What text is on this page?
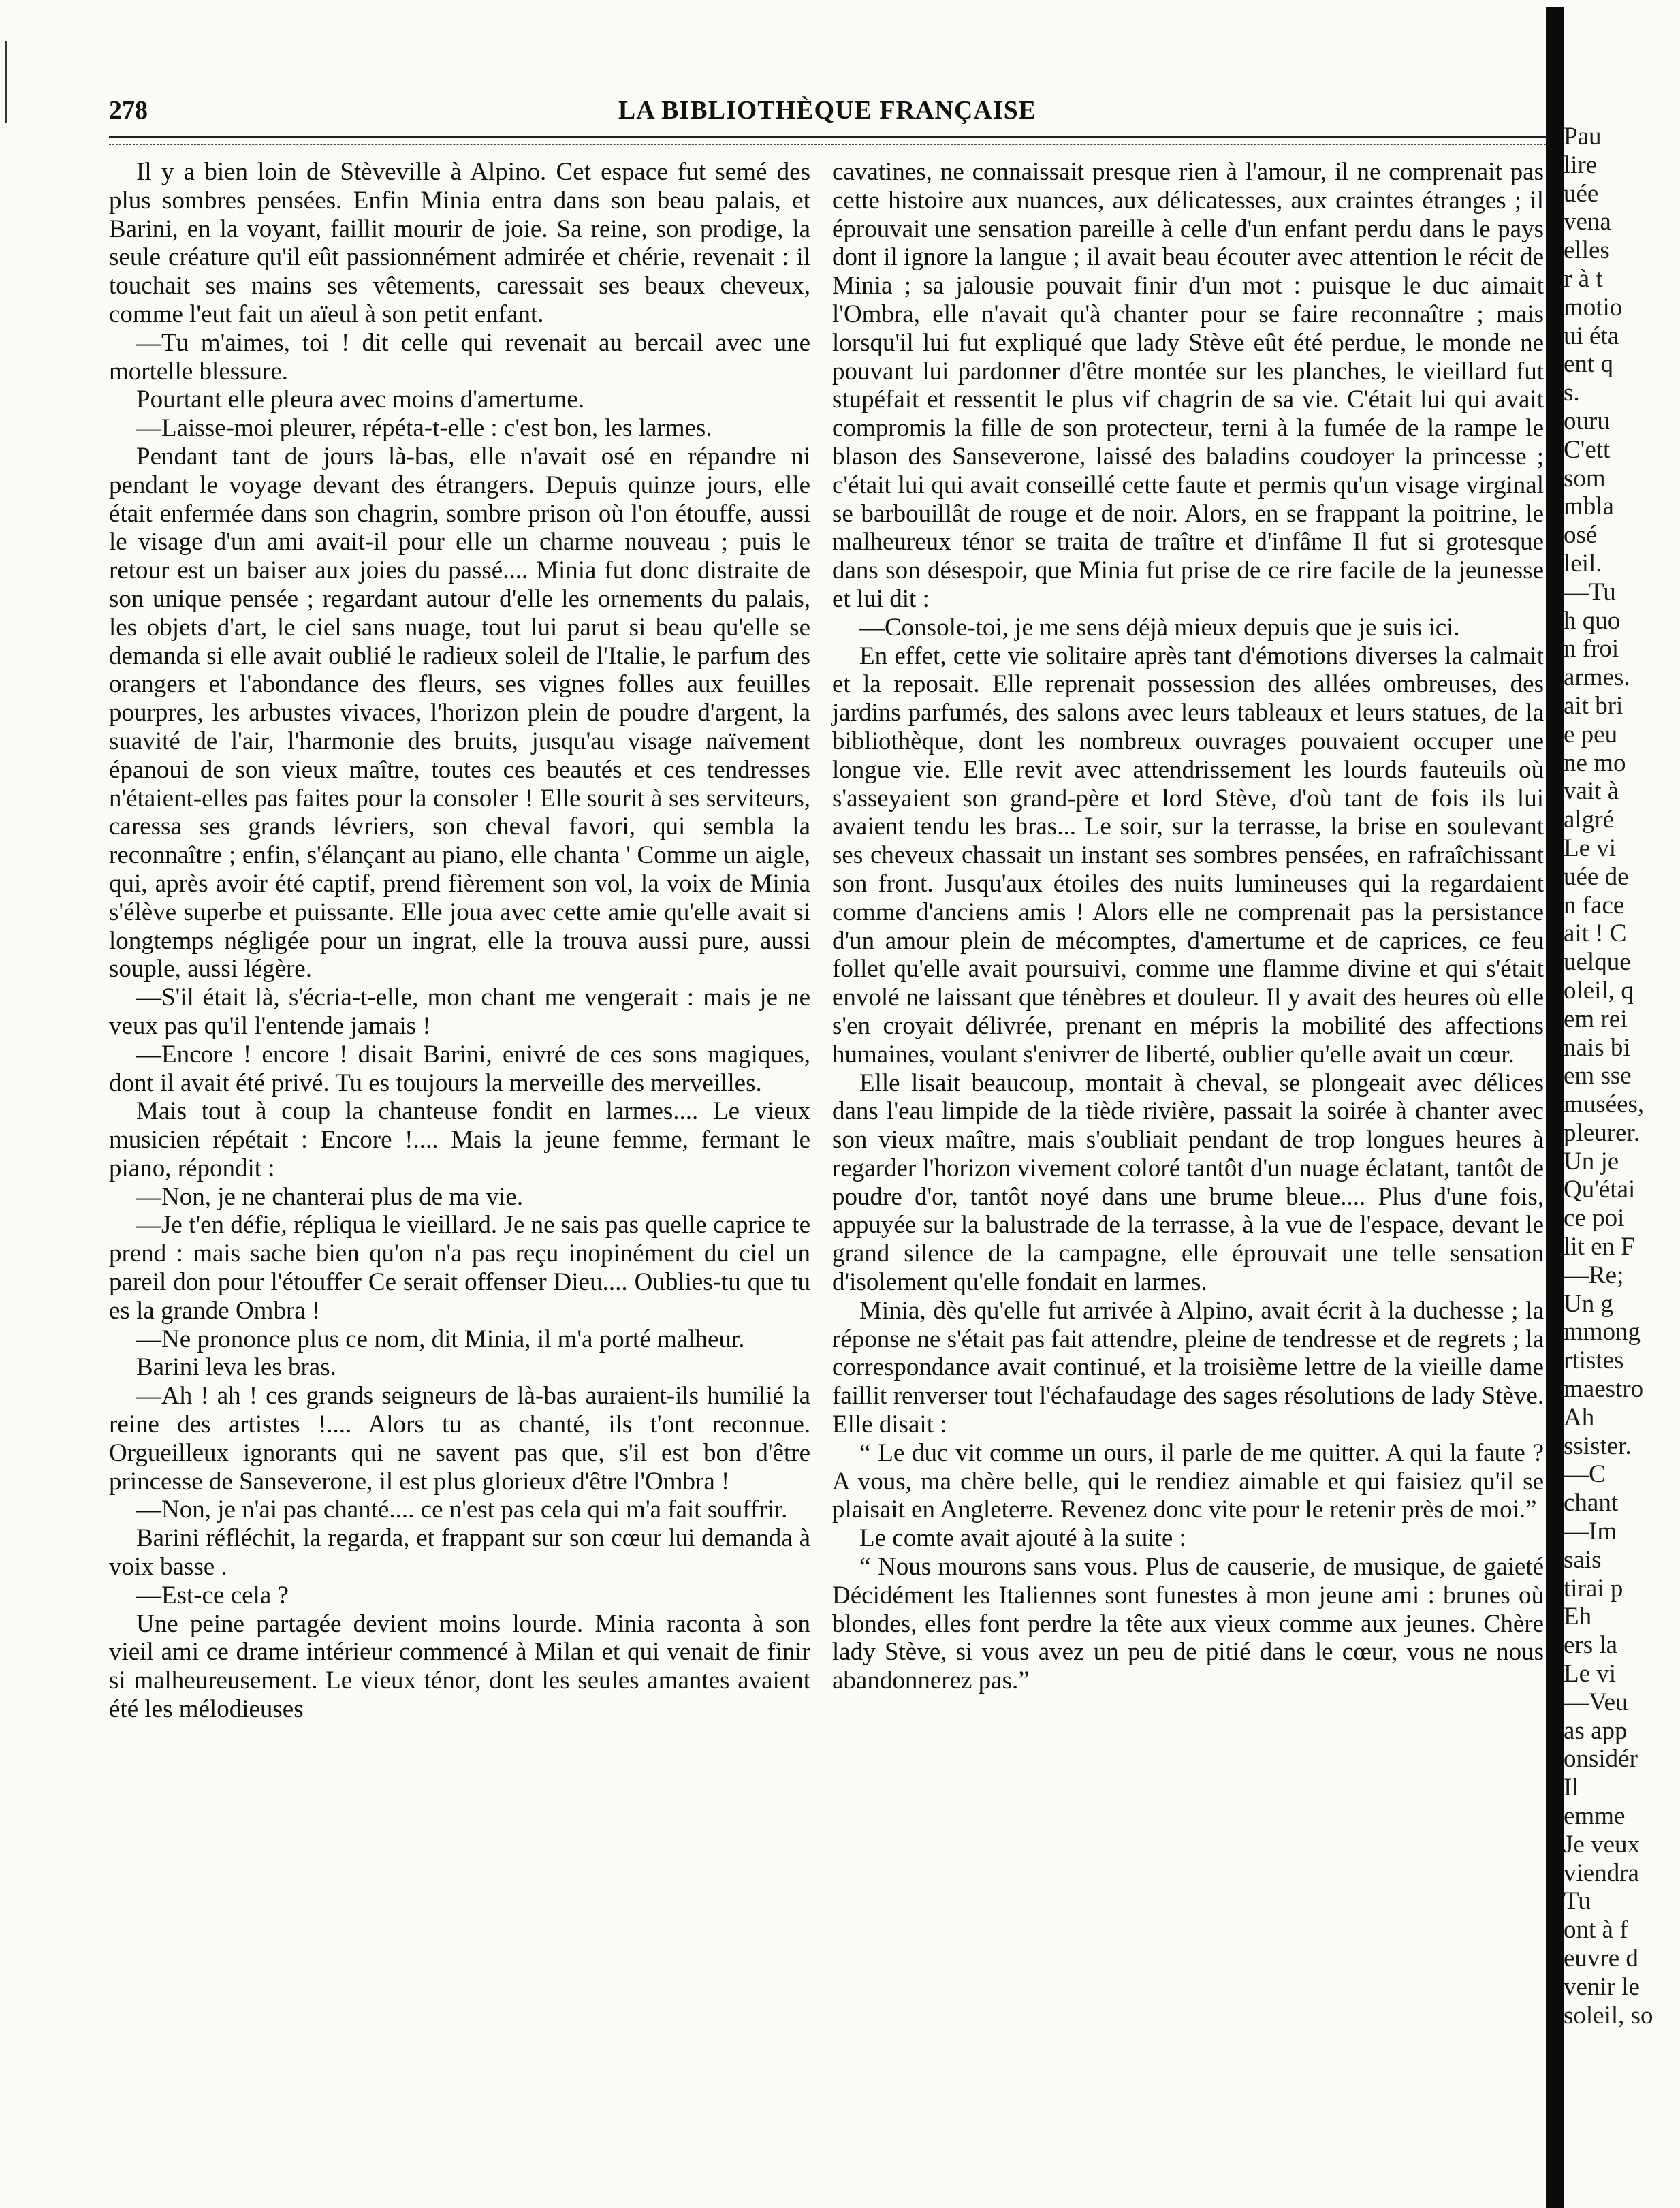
278	LA BIBLIOTHÈQUE FRANÇAISE

Il y a bien loin de Stèveville à Alpino. Cet espace fut semé des plus sombres pensées. Enfin Minia entra dans son beau palais, et Barini, en la voyant, faillit mourir de joie. Sa reine, son prodige, la seule créature qu'il eût passionnément admirée et chérie, revenait : il touchait ses mains ses vêtements, caressait ses beaux cheveux, comme l'eut fait un aïeul à son petit enfant.

—Tu m'aimes, toi ! dit celle qui revenait au bercail avec une mortelle blessure.

Pourtant elle pleura avec moins d'amertume.

—Laisse-moi pleurer, répéta-t-elle : c'est bon, les larmes.

Pendant tant de jours là-bas, elle n'avait osé en répandre ni pendant le voyage devant des étrangers. Depuis quinze jours, elle était enfermée dans son chagrin, sombre prison où l'on étouffe, aussi le visage d'un ami avait-il pour elle un charme nouveau ; puis le retour est un baiser aux joies du passé.... Minia fut donc distraite de son unique pensée ; regardant autour d'elle les ornements du palais, les objets d'art, le ciel sans nuage, tout lui parut si beau qu'elle se demanda si elle avait oublié le radieux soleil de l'Italie, le parfum des orangers et l'abondance des fleurs, ses vignes folles aux feuilles pourpres, les arbustes vivaces, l'horizon plein de poudre d'argent, la suavité de l'air, l'harmonie des bruits, jusqu'au visage naïvement épanoui de son vieux maître, toutes ces beautés et ces tendresses n'étaient-elles pas faites pour la consoler ! Elle sourit à ses serviteurs, caressa ses grands lévriers, son cheval favori, qui sembla la reconnaître ; enfin, s'élançant au piano, elle chanta ' Comme un aigle, qui, après avoir été captif, prend fièrement son vol, la voix de Minia s'élève superbe et puissante. Elle joua avec cette amie qu'elle avait si longtemps négligée pour un ingrat, elle la trouva aussi pure, aussi souple, aussi légère.

—S'il était là, s'écria-t-elle, mon chant me vengerait : mais je ne veux pas qu'il l'entende jamais !

—Encore ! encore ! disait Barini, enivré de ces sons magiques, dont il avait été privé. Tu es toujours la merveille des merveilles.

Mais tout à coup la chanteuse fondit en larmes.... Le vieux musicien répétait : Encore !.... Mais la jeune femme, fermant le piano, répondit :

—Non, je ne chanterai plus de ma vie.

—Je t'en défie, répliqua le vieillard. Je ne sais pas quelle caprice te prend : mais sache bien qu'on n'a pas reçu inopinément du ciel un pareil don pour l'étouffer Ce serait offenser Dieu.... Oublies-tu que tu es la grande Ombra !

—Ne prononce plus ce nom, dit Minia, il m'a porté malheur.

Barini leva les bras.

—Ah ! ah ! ces grands seigneurs de là-bas auraient-ils humilié la reine des artistes !.... Alors tu as chanté, ils t'ont reconnue. Orgueilleux ignorants qui ne savent pas que, s'il est bon d'être princesse de Sanseverone, il est plus glorieux d'être l'Ombra !

—Non, je n'ai pas chanté.... ce n'est pas cela qui m'a fait souffrir.

Barini réfléchit, la regarda, et frappant sur son cœur lui demanda à voix basse .

—Est-ce cela ?

Une peine partagée devient moins lourde. Minia raconta à son vieil ami ce drame intérieur commencé à Milan et qui venait de finir si malheureusement. Le vieux ténor, dont les seules amantes avaient été les mélodieuses

cavatines, ne connaissait presque rien à l'amour, il ne comprenait pas cette histoire aux nuances, aux délicatesses, aux craintes étranges ; il éprouvait une sensation pareille à celle d'un enfant perdu dans le pays dont il ignore la langue ; il avait beau écouter avec attention le récit de Minia ; sa jalousie pouvait finir d'un mot : puisque le duc aimait l'Ombra, elle n'avait qu'à chanter pour se faire reconnaître ; mais lorsqu'il lui fut expliqué que lady Stève eût été perdue, le monde ne pouvant lui pardonner d'être montée sur les planches, le vieillard fut stupéfait et ressentit le plus vif chagrin de sa vie. C'était lui qui avait compromis la fille de son protecteur, terni à la fumée de la rampe le blason des Sanseverone, laissé des baladins coudoyer la princesse ; c'était lui qui avait conseillé cette faute et permis qu'un visage virginal se barbouillât de rouge et de noir. Alors, en se frappant la poitrine, le malheureux ténor se traita de traître et d'infâme Il fut si grotesque dans son désespoir, que Minia fut prise de ce rire facile de la jeunesse et lui dit :

—Console-toi, je me sens déjà mieux depuis que je suis ici.

En effet, cette vie solitaire après tant d'émotions diverses la calmait et la reposait. Elle reprenait possession des allées ombreuses, des jardins parfumés, des salons avec leurs tableaux et leurs statues, de la bibliothèque, dont les nombreux ouvrages pouvaient occuper une longue vie. Elle revit avec attendrissement les lourds fauteuils où s'asseyaient son grand-père et lord Stève, d'où tant de fois ils lui avaient tendu les bras... Le soir, sur la terrasse, la brise en soulevant ses cheveux chassait un instant ses sombres pensées, en rafraîchissant son front. Jusqu'aux étoiles des nuits lumineuses qui la regardaient comme d'anciens amis ! Alors elle ne comprenait pas la persistance d'un amour plein de mécomptes, d'amertume et de caprices, ce feu follet qu'elle avait poursuivi, comme une flamme divine et qui s'était envolé ne laissant que ténèbres et douleur. Il y avait des heures où elle s'en croyait délivrée, prenant en mépris la mobilité des affections humaines, voulant s'enivrer de liberté, oublier qu'elle avait un cœur.

Elle lisait beaucoup, montait à cheval, se plongeait avec délices dans l'eau limpide de la tiède rivière, passait la soirée à chanter avec son vieux maître, mais s'oubliait pendant de trop longues heures à regarder l'horizon vivement coloré tantôt d'un nuage éclatant, tantôt de poudre d'or, tantôt noyé dans une brume bleue.... Plus d'une fois, appuyée sur la balustrade de la terrasse, à la vue de l'espace, devant le grand silence de la campagne, elle éprouvait une telle sensation d'isolement qu'elle fondait en larmes.

Minia, dès qu'elle fut arrivée à Alpino, avait écrit à la duchesse ; la réponse ne s'était pas fait attendre, pleine de tendresse et de regrets ; la correspondance avait continué, et la troisième lettre de la vieille dame faillit renverser tout l'échafaudage des sages résolutions de lady Stève. Elle disait :

“ Le duc vit comme un ours, il parle de me quitter. A qui la faute ? A vous, ma chère belle, qui le rendiez aimable et qui faisiez qu'il se plaisait en Angleterre. Revenez donc vite pour le retenir près de moi.”

Le comte avait ajouté à la suite :

“ Nous mourons sans vous. Plus de causerie, de musique, de gaieté Décidément les Italiennes sont funestes à mon jeune ami : brunes où blondes, elles font perdre la tête aux vieux comme aux jeunes. Chère lady Stève, si vous avez un peu de pitié dans le cœur, vous ne nous abandonnerez pas.”

Pau
lire
uée
vena
elles
r à t
motio
ui éta
ent q
s.
ouru
C'ett
som
mbla
osé
leil.
—Tu
h quo
n froi
armes.
ait bri
e peu
ne mo
vait à
algré
Le vi
uée de
n face
ait ! C
uelque
oleil, q
em rei
nais bi
em sse
musées,
pleurer.
Un je
Qu'étai
ce poi
lit en F
—Re;
Un g
mmong
rtistes
maestro
Ah
ssister.
—C
chant
—Im
sais
tirai p
Eh
ers la
Le vi
—Veu
as app
onsidér
Il
emme
Je veux
viendra
Tu
ont à f
euvre d
venir le
soleil, so
